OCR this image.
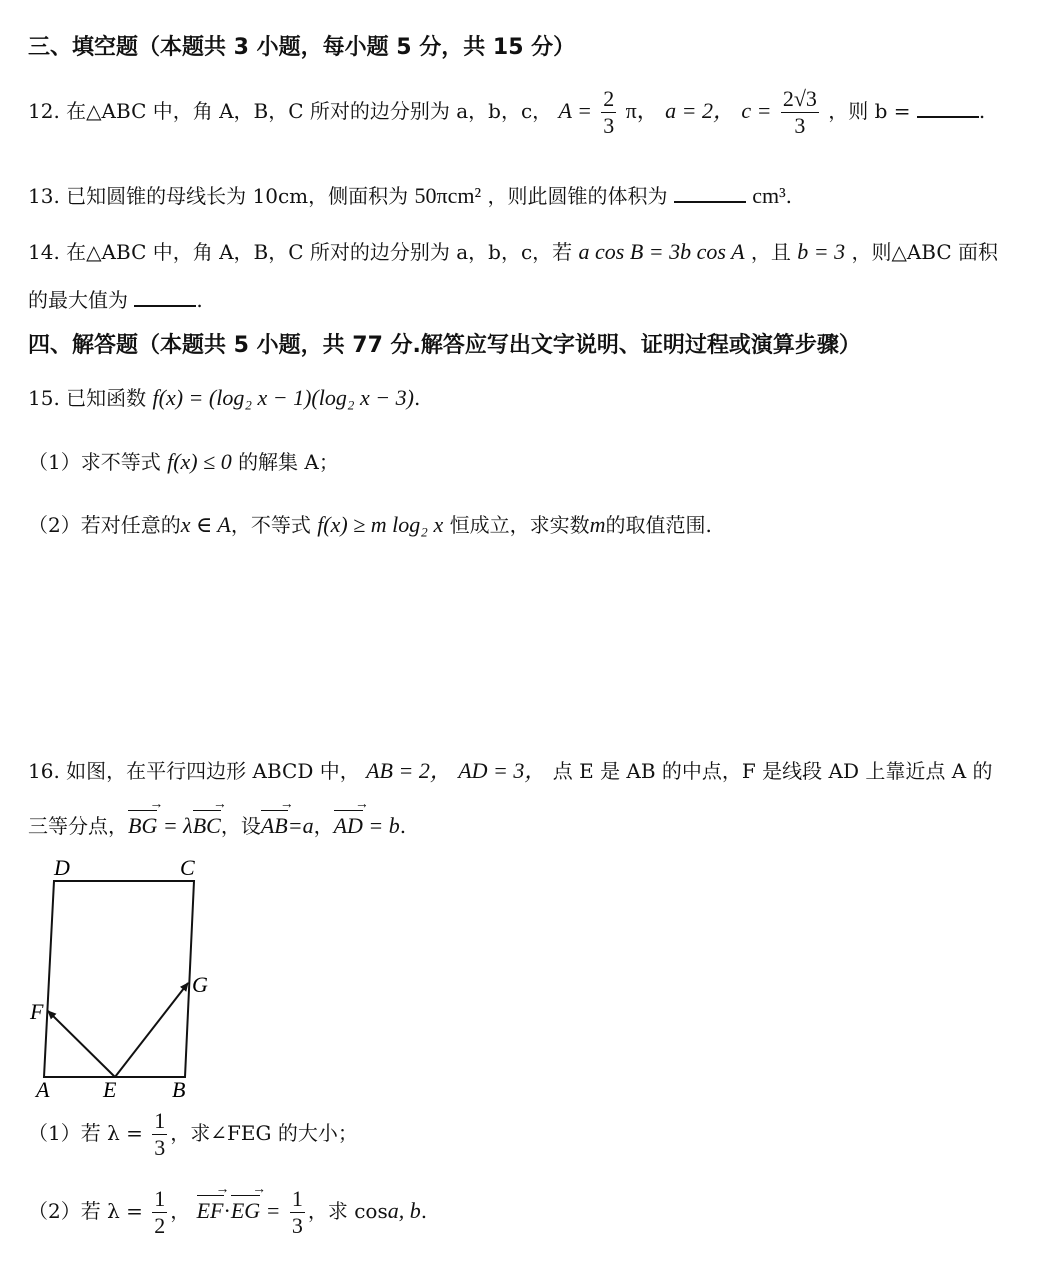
三、填空题（本题共 3 小题，每小题 5 分，共 15 分）
12. 在△ABC 中，角 A，B，C 所对的边分别为 a，b，c， $A = \frac{2}{3}$ π， a = 2， $c = \frac{2√3}{3}$ ，则 b =	.
13. 已知圆锥的母线长为 10cm，侧面积为 50πcm² ，则此圆锥的体积为	cm³.
14. 在△ABC 中，角 A，B，C 所对的边分别为 a，b，c，若 a cos B = 3b cos A ，且 b = 3 ，则△ABC 面积
的最大值为	.
四、解答题（本题共 5 小题，共 77 分.解答应写出文字说明、证明过程或演算步骤）
15. 已知函数 f(x) = (log₂ x − 1)(log₂ x − 3).
（1）求不等式 f(x) ≤ 0 的解集 A；
（2）若对任意的x ∈ A，不等式 f(x) ≥ m log₂ x 恒成立，求实数m的取值范围.
16. 如图，在平行四边形 ABCD 中， AB = 2， AD = 3， 点 E 是 AB 的中点，F 是线段 AD 上靠近点 A 的
三等分点，BG → = λBC →，设AB →=a，AD → = b.
D	C
G
F
A E	B
（1）若 $\lambda = \frac{1}{3}$ ，求∠FEG 的大小；
（2）若 $\lambda = \frac{1}{2}$ ， EF →·EG → = $\frac{1}{3}$ ，求 cosa, b.
